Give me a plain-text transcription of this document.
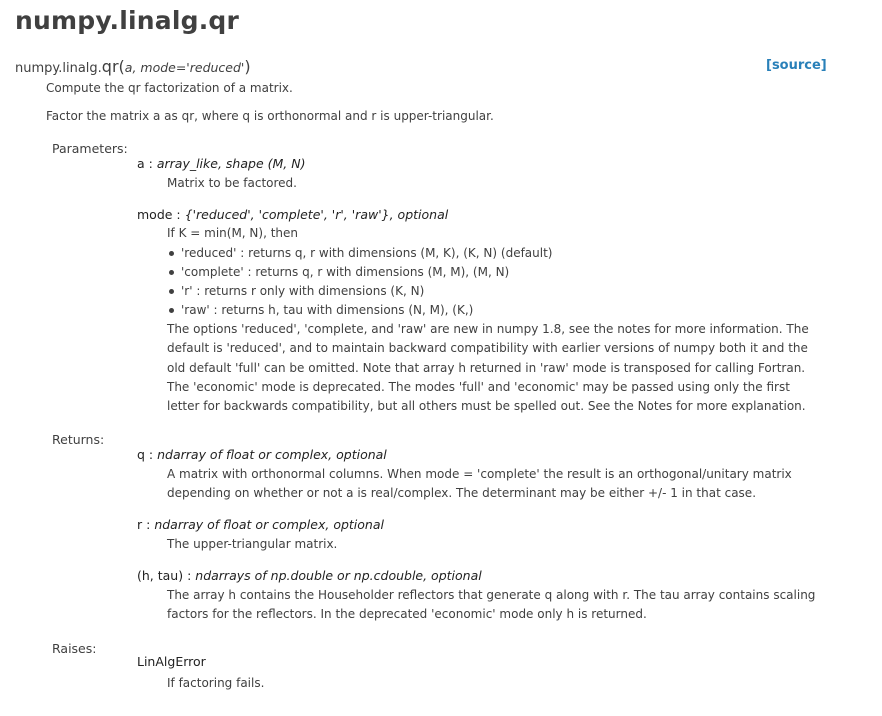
numpy.linalg.qr
numpy.linalg.qr(a, mode='reduced')	[source]
Compute the qr factorization of a matrix.
Factor the matrix a as qr, where q is orthonormal and r is upper-triangular.
Parameters:
a : array_like, shape (M, N)
Matrix to be factored.
mode : {'reduced', 'complete', 'r', 'raw'}, optional
If K = min(M, N), then
'reduced' : returns q, r with dimensions (M, K), (K, N) (default)
'complete' : returns q, r with dimensions (M, M), (M, N)
'r' : returns r only with dimensions (K, N)
'raw' : returns h, tau with dimensions (N, M), (K,)
The options 'reduced', 'complete, and 'raw' are new in numpy 1.8, see the notes for more information. The
default is 'reduced', and to maintain backward compatibility with earlier versions of numpy both it and the
old default 'full' can be omitted. Note that array h returned in 'raw' mode is transposed for calling Fortran.
The 'economic' mode is deprecated. The modes 'full' and 'economic' may be passed using only the first
letter for backwards compatibility, but all others must be spelled out. See the Notes for more explanation.
Returns:
q : ndarray of float or complex, optional
A matrix with orthonormal columns. When mode = 'complete' the result is an orthogonal/unitary matrix
depending on whether or not a is real/complex. The determinant may be either +/- 1 in that case.
r : ndarray of float or complex, optional
The upper-triangular matrix.
(h, tau) : ndarrays of np.double or np.cdouble, optional
The array h contains the Householder reflectors that generate q along with r. The tau array contains scaling
factors for the reflectors. In the deprecated 'economic' mode only h is returned.
Raises:
LinAlgError
If factoring fails.
